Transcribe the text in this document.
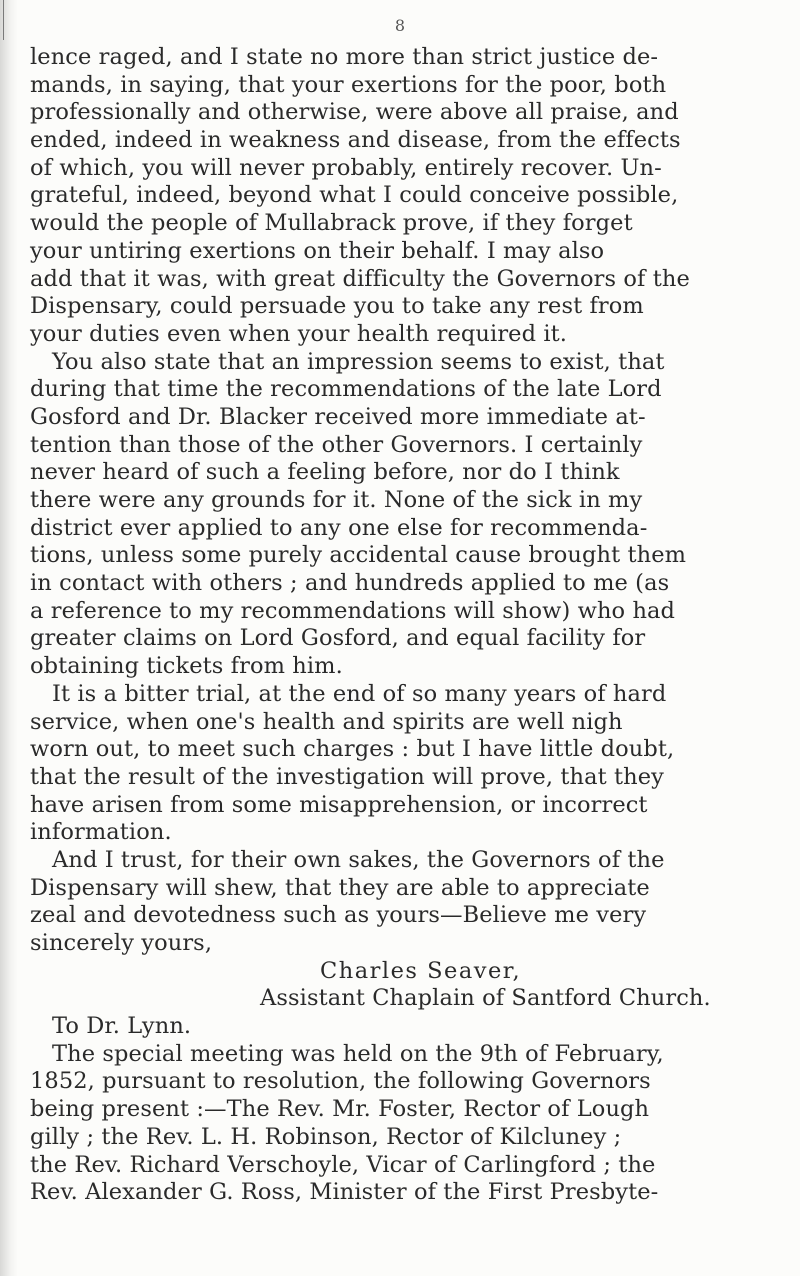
8
lence raged, and I state no more than strict justice de-
mands, in saying, that your exertions for the poor, both
professionally and otherwise, were above all praise, and
ended, indeed in weakness and disease, from the effects
of which, you will never probably, entirely recover. Un-
grateful, indeed, beyond what I could conceive possible,
would the people of Mullabrack prove, if they forget
your untiring exertions on their behalf. I may also
add that it was, with great difficulty the Governors of the
Dispensary, could persuade you to take any rest from
your duties even when your health required it.
You also state that an impression seems to exist, that
during that time the recommendations of the late Lord
Gosford and Dr. Blacker received more immediate at-
tention than those of the other Governors. I certainly
never heard of such a feeling before, nor do I think
there were any grounds for it. None of the sick in my
district ever applied to any one else for recommenda-
tions, unless some purely accidental cause brought them
in contact with others ; and hundreds applied to me (as
a reference to my recommendations will show) who had
greater claims on Lord Gosford, and equal facility for
obtaining tickets from him.
It is a bitter trial, at the end of so many years of hard
service, when one's health and spirits are well nigh
worn out, to meet such charges : but I have little doubt,
that the result of the investigation will prove, that they
have arisen from some misapprehension, or incorrect
information.
And I trust, for their own sakes, the Governors of the
Dispensary will shew, that they are able to appreciate
zeal and devotedness such as yours—Believe me very
sincerely yours,
Charles Seaver,
Assistant Chaplain of Santford Church.
To Dr. Lynn.
The special meeting was held on the 9th of February,
1852, pursuant to resolution, the following Governors
being present :—The Rev. Mr. Foster, Rector of Lough
gilly ; the Rev. L. H. Robinson, Rector of Kilcluney ;
the Rev. Richard Verschoyle, Vicar of Carlingford ; the
Rev. Alexander G. Ross, Minister of the First Presbyte-
